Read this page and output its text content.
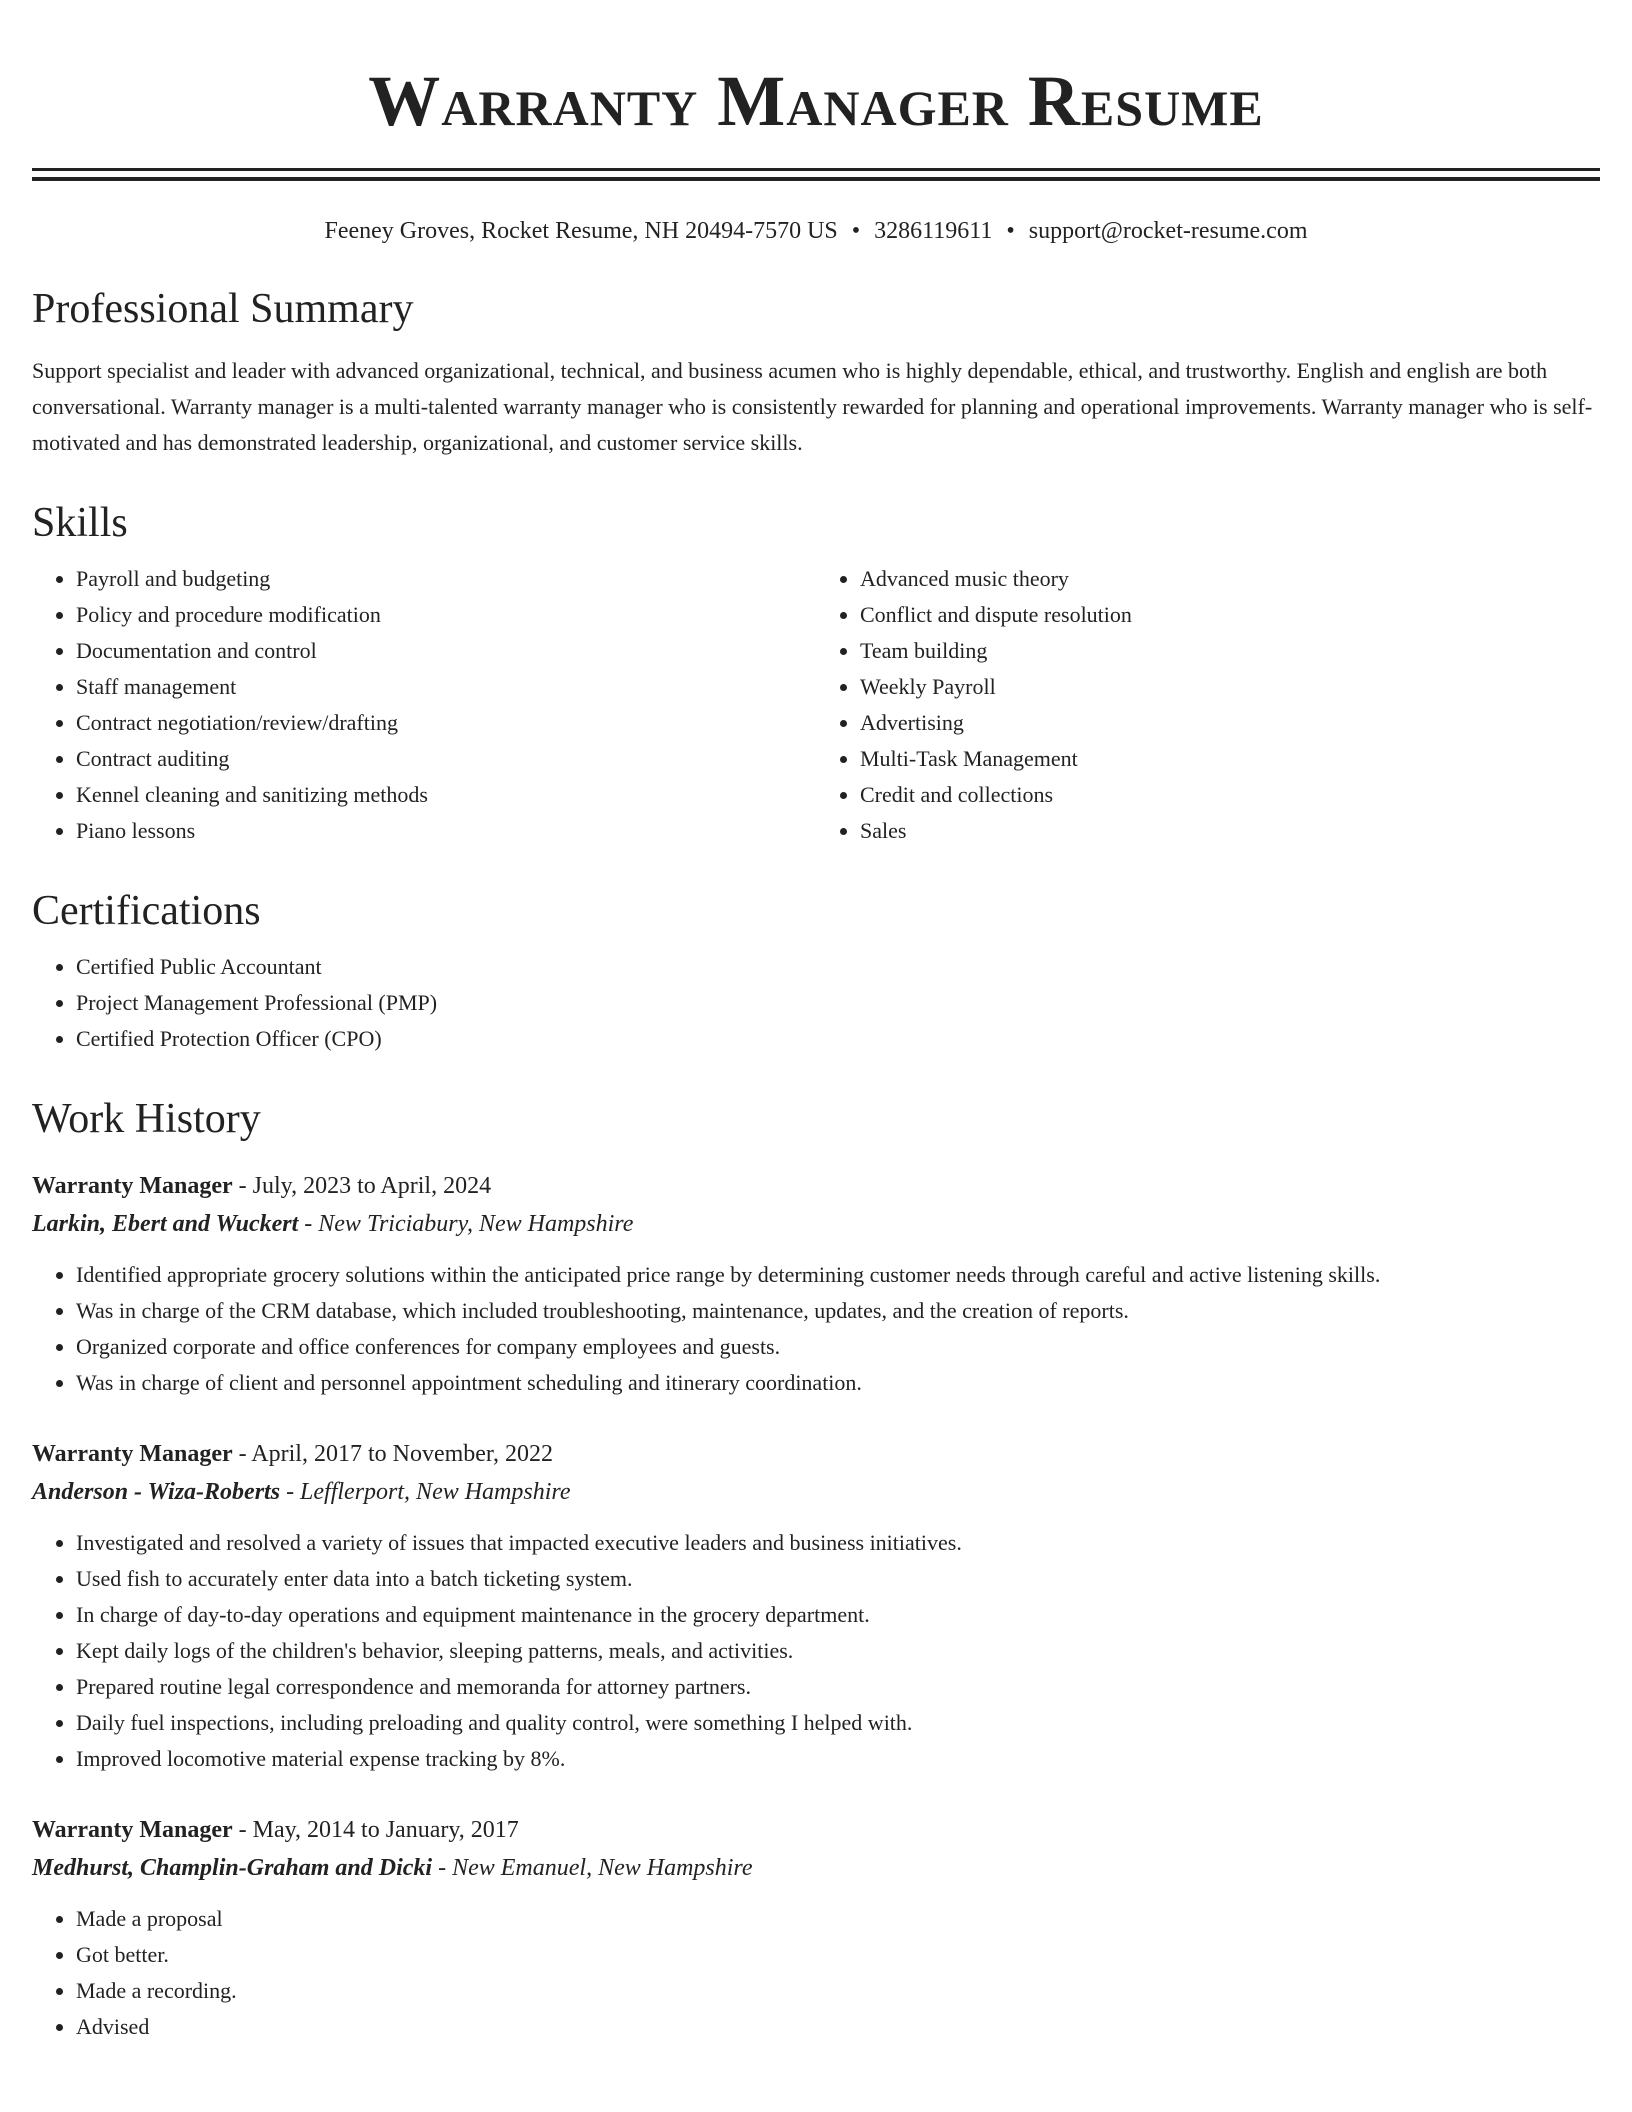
Warranty Manager Resume
Feeney Groves, Rocket Resume, NH 20494-7570 US • 3286119611 • support@rocket-resume.com
Professional Summary

Support specialist and leader with advanced organizational, technical, and business acumen who is highly dependable, ethical, and trustworthy. English and english are both conversational. Warranty manager is a multi-talented warranty manager who is consistently rewarded for planning and operational improvements. Warranty manager who is self-motivated and has demonstrated leadership, organizational, and customer service skills.

Skills
• Payroll and budgeting
• Policy and procedure modification
• Documentation and control
• Staff management
• Contract negotiation/review/drafting
• Contract auditing
• Kennel cleaning and sanitizing methods
• Piano lessons
• Advanced music theory
• Conflict and dispute resolution
• Team building
• Weekly Payroll
• Advertising
• Multi-Task Management
• Credit and collections
• Sales
Certifications
• Certified Public Accountant
• Project Management Professional (PMP)
• Certified Protection Officer (CPO)
Work History
Warranty Manager - July, 2023 to April, 2024
Larkin, Ebert and Wuckert - New Triciabury, New Hampshire
• Identified appropriate grocery solutions within the anticipated price range by determining customer needs through careful and active listening skills.
• Was in charge of the CRM database, which included troubleshooting, maintenance, updates, and the creation of reports.
• Organized corporate and office conferences for company employees and guests.
• Was in charge of client and personnel appointment scheduling and itinerary coordination.
Warranty Manager - April, 2017 to November, 2022
Anderson - Wiza-Roberts - Lefflerport, New Hampshire
• Investigated and resolved a variety of issues that impacted executive leaders and business initiatives.
• Used fish to accurately enter data into a batch ticketing system.
• In charge of day-to-day operations and equipment maintenance in the grocery department.
• Kept daily logs of the children's behavior, sleeping patterns, meals, and activities.
• Prepared routine legal correspondence and memoranda for attorney partners.
• Daily fuel inspections, including preloading and quality control, were something I helped with.
• Improved locomotive material expense tracking by 8%.
Warranty Manager - May, 2014 to January, 2017
Medhurst, Champlin-Graham and Dicki - New Emanuel, New Hampshire
• Made a proposal
• Got better.
• Made a recording.
• Advised
